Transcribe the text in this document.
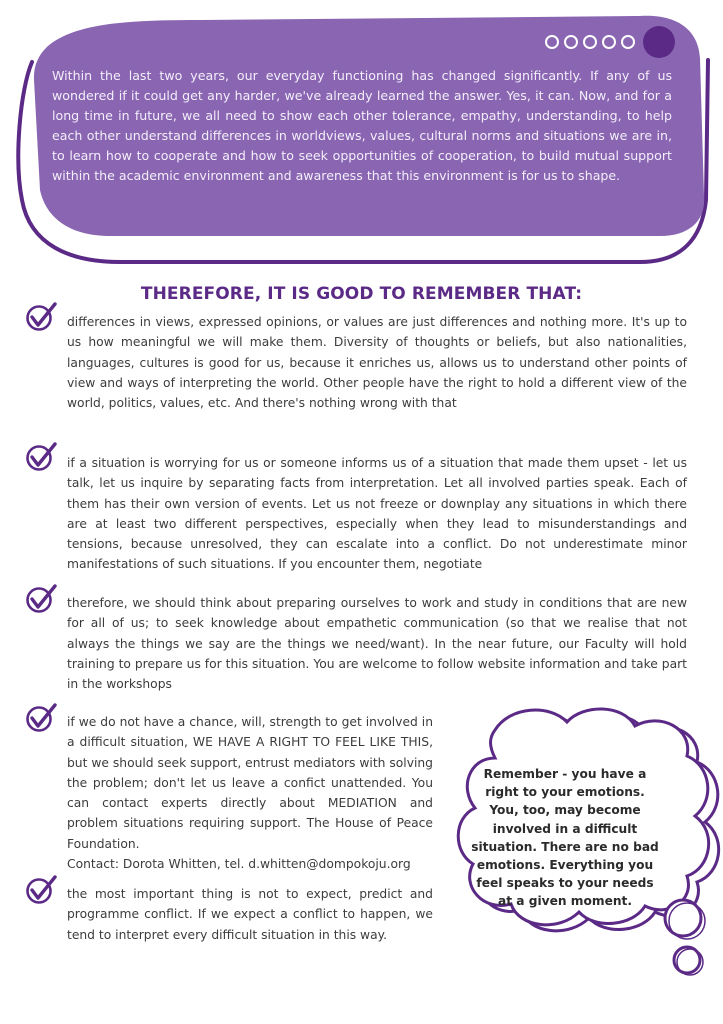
Within the last two years, our everyday functioning has changed significantly. If any of us wondered if it could get any harder, we've already learned the answer. Yes, it can. Now, and for a long time in future, we all need to show each other tolerance, empathy, understanding, to help each other understand differences in worldviews, values, cultural norms and situations we are in, to learn how to cooperate and how to seek opportunities of cooperation, to build mutual support within the academic environment and awareness that this environment is for us to shape.

THEREFORE, IT IS GOOD TO REMEMBER THAT:

differences in views, expressed opinions, or values are just differences and nothing more. It's up to us how meaningful we will make them. Diversity of thoughts or beliefs, but also nationalities, languages, cultures is good for us, because it enriches us, allows us to understand other points of view and ways of interpreting the world. Other people have the right to hold a different view of the world, politics, values, etc. And there's nothing wrong with that

if a situation is worrying for us or someone informs us of a situation that made them upset - let us talk, let us inquire by separating facts from interpretation. Let all involved parties speak. Each of them has their own version of events. Let us not freeze or downplay any situations in which there are at least two different perspectives, especially when they lead to misunderstandings and tensions, because unresolved, they can escalate into a conflict. Do not underestimate minor manifestations of such situations. If you encounter them, negotiate

therefore, we should think about preparing ourselves to work and study in conditions that are new for all of us; to seek knowledge about empathetic communication (so that we realise that not always the things we say are the things we need/want). In the near future, our Faculty will hold training to prepare us for this situation. You are welcome to follow website information and take part in the workshops

if we do not have a chance, will, strength to get involved in a difficult situation, WE HAVE A RIGHT TO FEEL LIKE THIS, but we should seek support, entrust mediators with solving the problem; don't let us leave a confict unattended. You can contact experts directly about MEDIATION and problem situations requiring support. The House of Peace Foundation.
Contact: Dorota Whitten, tel. d.whitten@dompokoju.org

the most important thing is not to expect, predict and programme conflict. If we expect a conflict to happen, we tend to interpret every difficult situation in this way.

Remember - you have a right to your emotions. You, too, may become involved in a difficult situation. There are no bad emotions. Everything you feel speaks to your needs at a given moment.
